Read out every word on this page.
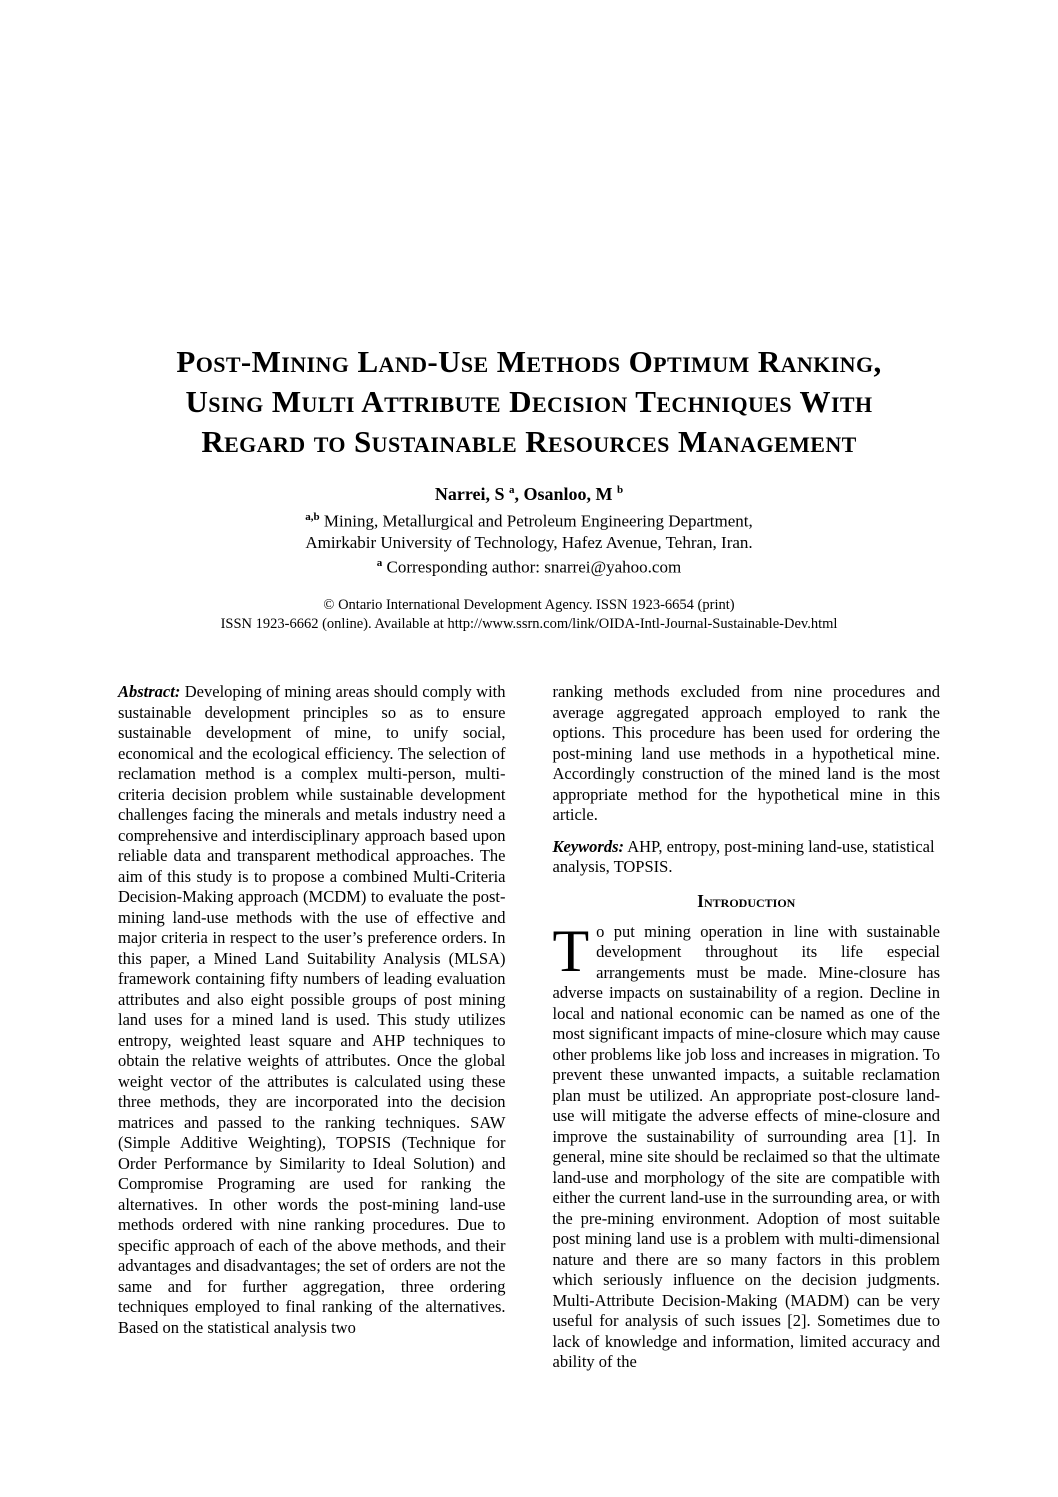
Post-Mining Land-Use Methods Optimum Ranking,
Using Multi Attribute Decision Techniques With
Regard to Sustainable Resources Management
Narrei, S $^a$, Osanloo, M $^b$
$^{a,b}$ Mining, Metallurgical and Petroleum Engineering Department,
Amirkabir University of Technology, Hafez Avenue, Tehran, Iran.
$^a$ Corresponding author: snarrei@yahoo.com
© Ontario International Development Agency. ISSN 1923-6654 (print)
ISSN 1923-6662 (online). Available at http://www.ssrn.com/link/OIDA-Intl-Journal-Sustainable-Dev.html
Abstract: Developing of mining areas should comply with sustainable development principles so as to ensure sustainable development of mine, to unify social, economical and the ecological efficiency. The selection of reclamation method is a complex multi-person, multi-criteria decision problem while sustainable development challenges facing the minerals and metals industry need a comprehensive and interdisciplinary approach based upon reliable data and transparent methodical approaches. The aim of this study is to propose a combined Multi-Criteria Decision-Making approach (MCDM) to evaluate the post-mining land-use methods with the use of effective and major criteria in respect to the user’s preference orders. In this paper, a Mined Land Suitability Analysis (MLSA) framework containing fifty numbers of leading evaluation attributes and also eight possible groups of post mining land uses for a mined land is used. This study utilizes entropy, weighted least square and AHP techniques to obtain the relative weights of attributes. Once the global weight vector of the attributes is calculated using these three methods, they are incorporated into the decision matrices and passed to the ranking techniques. SAW (Simple Additive Weighting), TOPSIS (Technique for Order Performance by Similarity to Ideal Solution) and Compromise Programing are used for ranking the alternatives. In other words the post-mining land-use methods ordered with nine ranking procedures. Due to specific approach of each of the above methods, and their advantages and disadvantages; the set of orders are not the same and for further aggregation, three ordering techniques employed to final ranking of the alternatives. Based on the statistical analysis two
ranking methods excluded from nine procedures and average aggregated approach employed to rank the options. This procedure has been used for ordering the post-mining land use methods in a hypothetical mine. Accordingly construction of the mined land is the most appropriate method for the hypothetical mine in this article.
Keywords: AHP, entropy, post-mining land-use, statistical analysis, TOPSIS.
Introduction
To put mining operation in line with sustainable development throughout its life especial arrangements must be made. Mine-closure has adverse impacts on sustainability of a region. Decline in local and national economic can be named as one of the most significant impacts of mine-closure which may cause other problems like job loss and increases in migration. To prevent these unwanted impacts, a suitable reclamation plan must be utilized. An appropriate post-closure land-use will mitigate the adverse effects of mine-closure and improve the sustainability of surrounding area [1]. In general, mine site should be reclaimed so that the ultimate land-use and morphology of the site are compatible with either the current land-use in the surrounding area, or with the pre-mining environment. Adoption of most suitable post mining land use is a problem with multi-dimensional nature and there are so many factors in this problem which seriously influence on the decision judgments. Multi-Attribute Decision-Making (MADM) can be very useful for analysis of such issues [2]. Sometimes due to lack of knowledge and information, limited accuracy and ability of the
